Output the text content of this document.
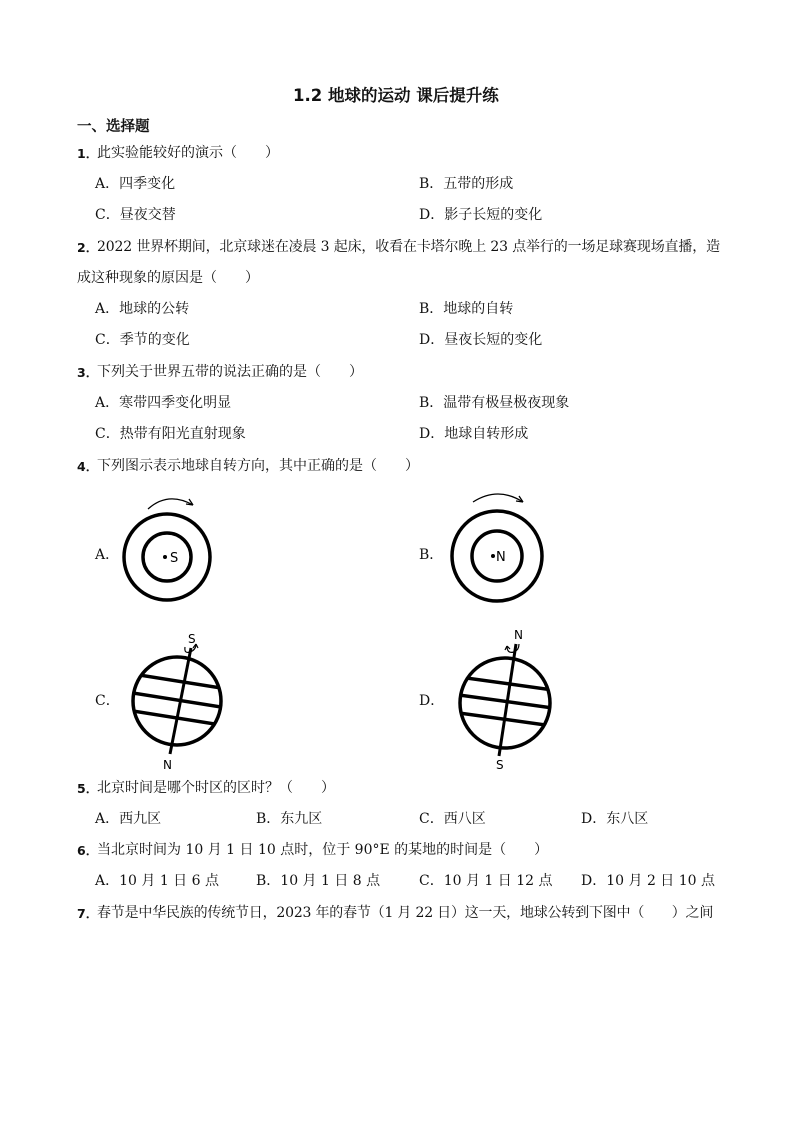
1.2 地球的运动 课后提升练
一、选择题
1．
此实验能较好的演示（　　）
A．四季变化	B．五带的形成
C．昼夜交替	D．影子长短的变化
2．
2022 世界杯期间，北京球迷在凌晨 3 起床，收看在卡塔尔晚上 23 点举行的一场足球赛现场直播，造
成这种现象的原因是（　　）
A．地球的公转	B．地球的自转
C．季节的变化	D．昼夜长短的变化
3．
下列关于世界五带的说法正确的是（　　）
A．寒带四季变化明显	B．温带有极昼极夜现象
C．热带有阳光直射现象	D．地球自转形成
4．
下列图示表示地球自转方向，其中正确的是（　　）
A．	S	B．	N
C．
S
N
D．
N
S
5．
北京时间是哪个时区的区时？（　　）
A．西九区	B．东九区	C．西八区	D．东八区
6．
当北京时间为 10 月 1 日 10 点时，位于 90°E 的某地的时间是（　　）
A．10 月 1 日 6 点	B．10 月 1 日 8 点	C．10 月 1 日 12 点 D．10 月 2 日 10 点
7．
春节是中华民族的传统节日，2023 年的春节（1 月 22 日）这一天，地球公转到下图中（　　）之间
